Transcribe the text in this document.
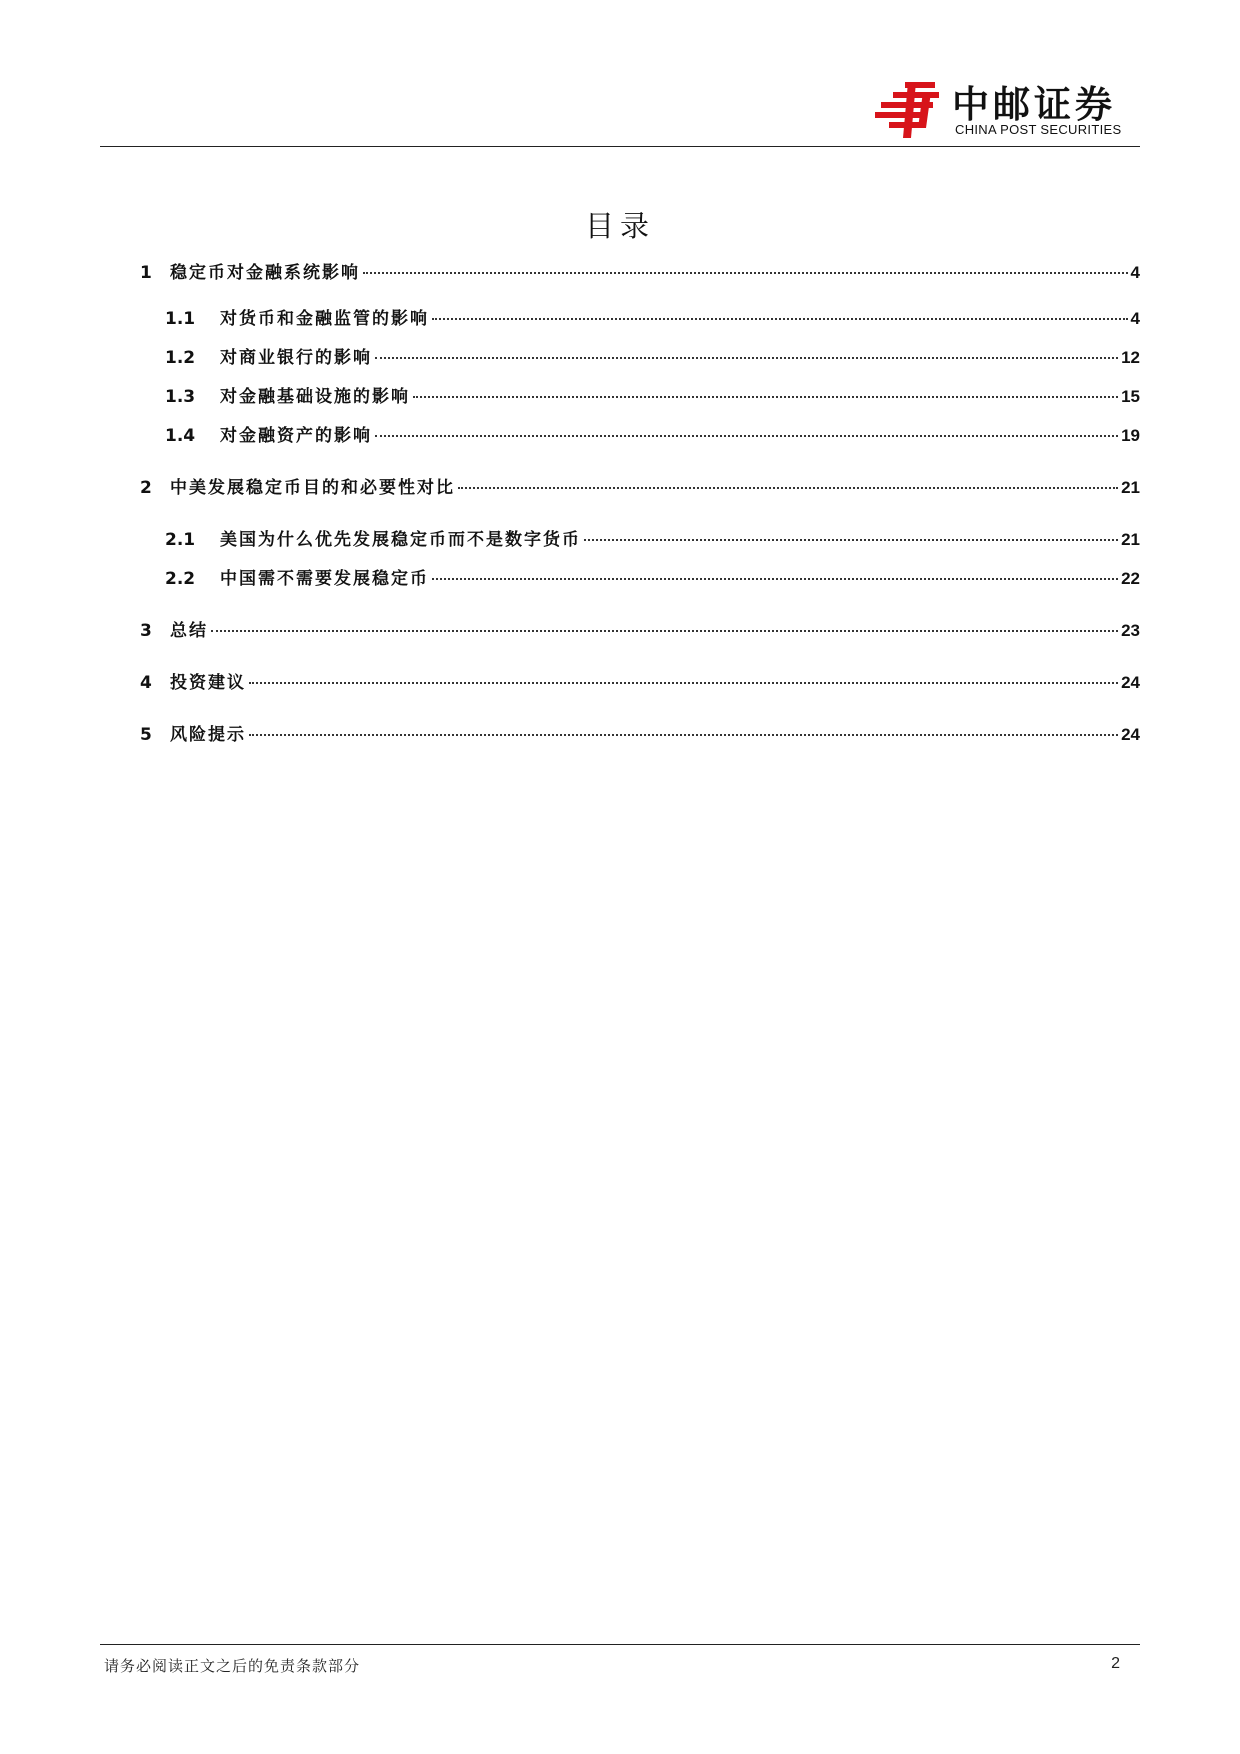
中邮证券
CHINA POST SECURITIES
目录
1	稳定币对金融系统影响	4
1.1	对货币和金融监管的影响	4
1.2	对商业银行的影响	12
1.3	对金融基础设施的影响	15
1.4	对金融资产的影响	19
2	中美发展稳定币目的和必要性对比	21
2.1	美国为什么优先发展稳定币而不是数字货币	21
2.2	中国需不需要发展稳定币	22
3	总结	23
4	投资建议	24
5	风险提示	24
请务必阅读正文之后的免责条款部分	2
